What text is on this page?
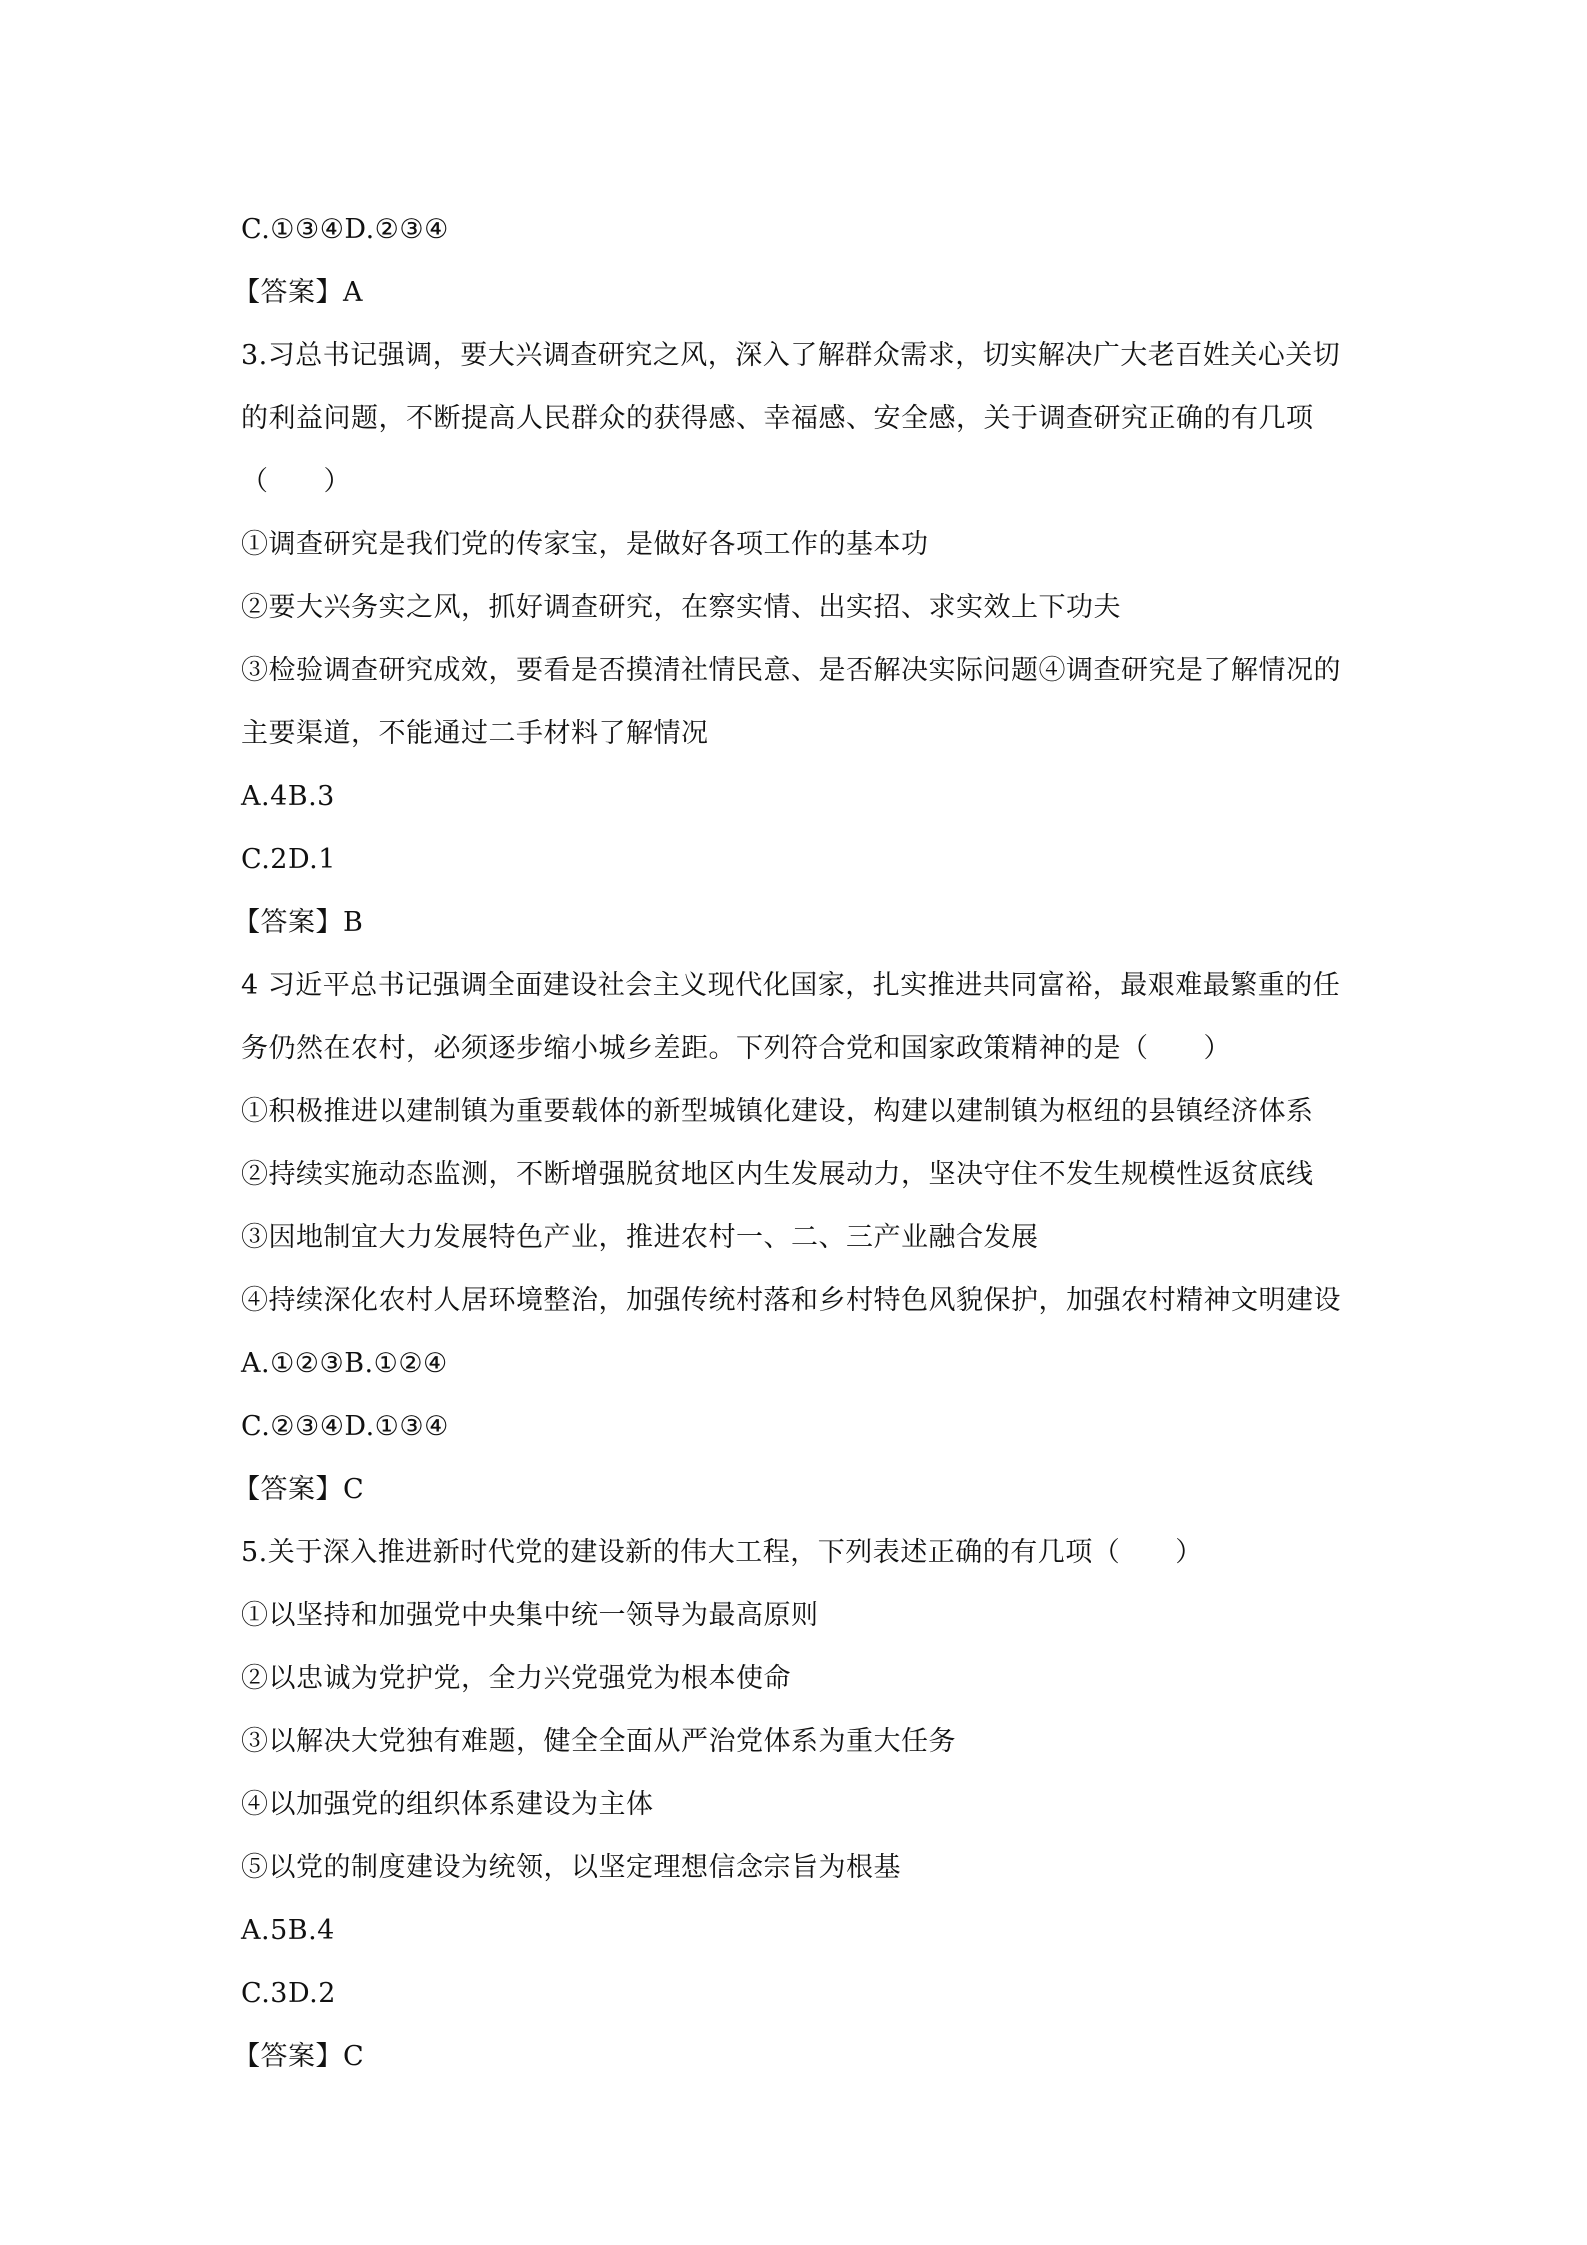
C.①③④D.②③④
【答案】A
3.习总书记强调，要大兴调查研究之风，深入了解群众需求，切实解决广大老百姓关心关切
的利益问题，不断提高人民群众的获得感、幸福感、安全感，关于调查研究正确的有几项
（　　）
①调查研究是我们党的传家宝，是做好各项工作的基本功
②要大兴务实之风，抓好调查研究，在察实情、出实招、求实效上下功夫
③检验调查研究成效，要看是否摸清社情民意、是否解决实际问题④调查研究是了解情况的
主要渠道，不能通过二手材料了解情况
A.4B.3
C.2D.1
【答案】B
4 习近平总书记强调全面建设社会主义现代化国家，扎实推进共同富裕，最艰难最繁重的任
务仍然在农村，必须逐步缩小城乡差距。下列符合党和国家政策精神的是（　　）
①积极推进以建制镇为重要载体的新型城镇化建设，构建以建制镇为枢纽的县镇经济体系
②持续实施动态监测，不断增强脱贫地区内生发展动力，坚决守住不发生规模性返贫底线
③因地制宜大力发展特色产业，推进农村一、二、三产业融合发展
④持续深化农村人居环境整治，加强传统村落和乡村特色风貌保护，加强农村精神文明建设
A.①②③B.①②④
C.②③④D.①③④
【答案】C
5.关于深入推进新时代党的建设新的伟大工程，下列表述正确的有几项（　　）
①以坚持和加强党中央集中统一领导为最高原则
②以忠诚为党护党，全力兴党强党为根本使命
③以解决大党独有难题，健全全面从严治党体系为重大任务
④以加强党的组织体系建设为主体
⑤以党的制度建设为统领，以坚定理想信念宗旨为根基
A.5B.4
C.3D.2
【答案】C
